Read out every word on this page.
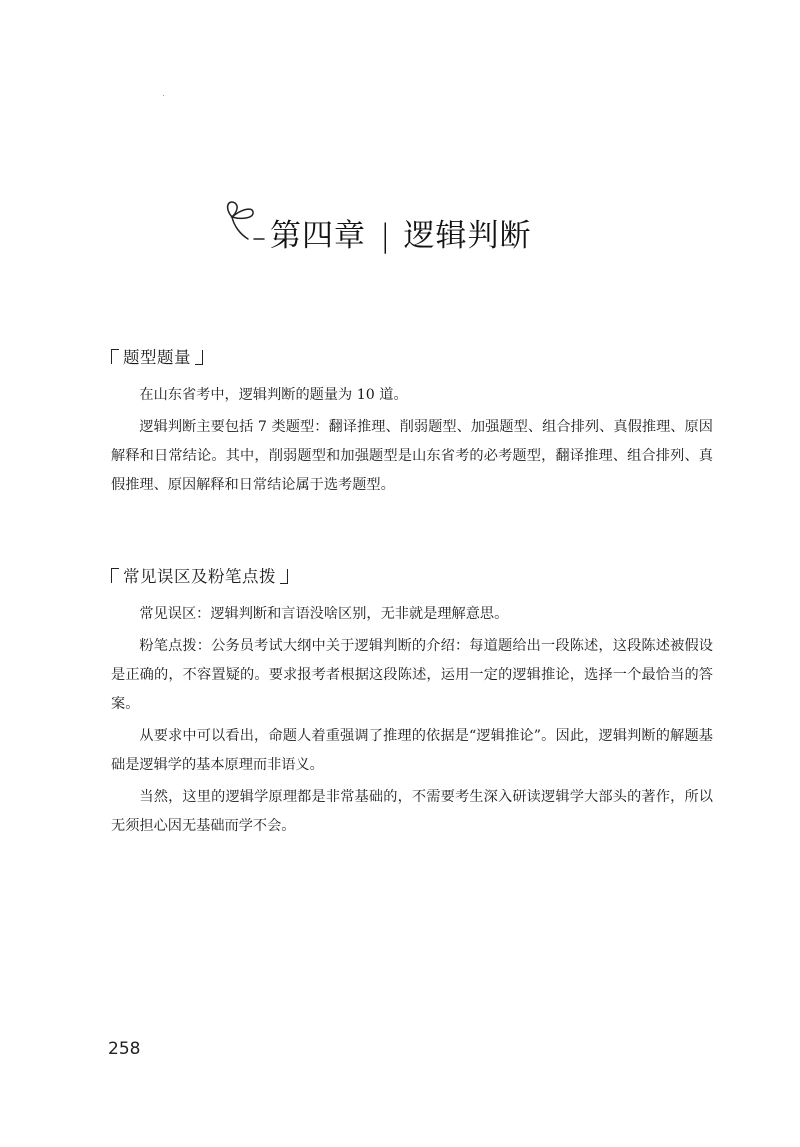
第四章 | 逻辑判断
题型题量

在山东省考中，逻辑判断的题量为 10 道。

逻辑判断主要包括 7 类题型：翻译推理、削弱题型、加强题型、组合排列、真假推理、原因解释和日常结论。其中，削弱题型和加强题型是山东省考的必考题型，翻译推理、组合排列、真假推理、原因解释和日常结论属于选考题型。

常见误区及粉笔点拨

常见误区：逻辑判断和言语没啥区别，无非就是理解意思。

粉笔点拨：公务员考试大纲中关于逻辑判断的介绍：每道题给出一段陈述，这段陈述被假设是正确的，不容置疑的。要求报考者根据这段陈述，运用一定的逻辑推论，选择一个最恰当的答案。

从要求中可以看出，命题人着重强调了推理的依据是“逻辑推论”。因此，逻辑判断的解题基础是逻辑学的基本原理而非语义。

当然，这里的逻辑学原理都是非常基础的，不需要考生深入研读逻辑学大部头的著作，所以无须担心因无基础而学不会。

258
